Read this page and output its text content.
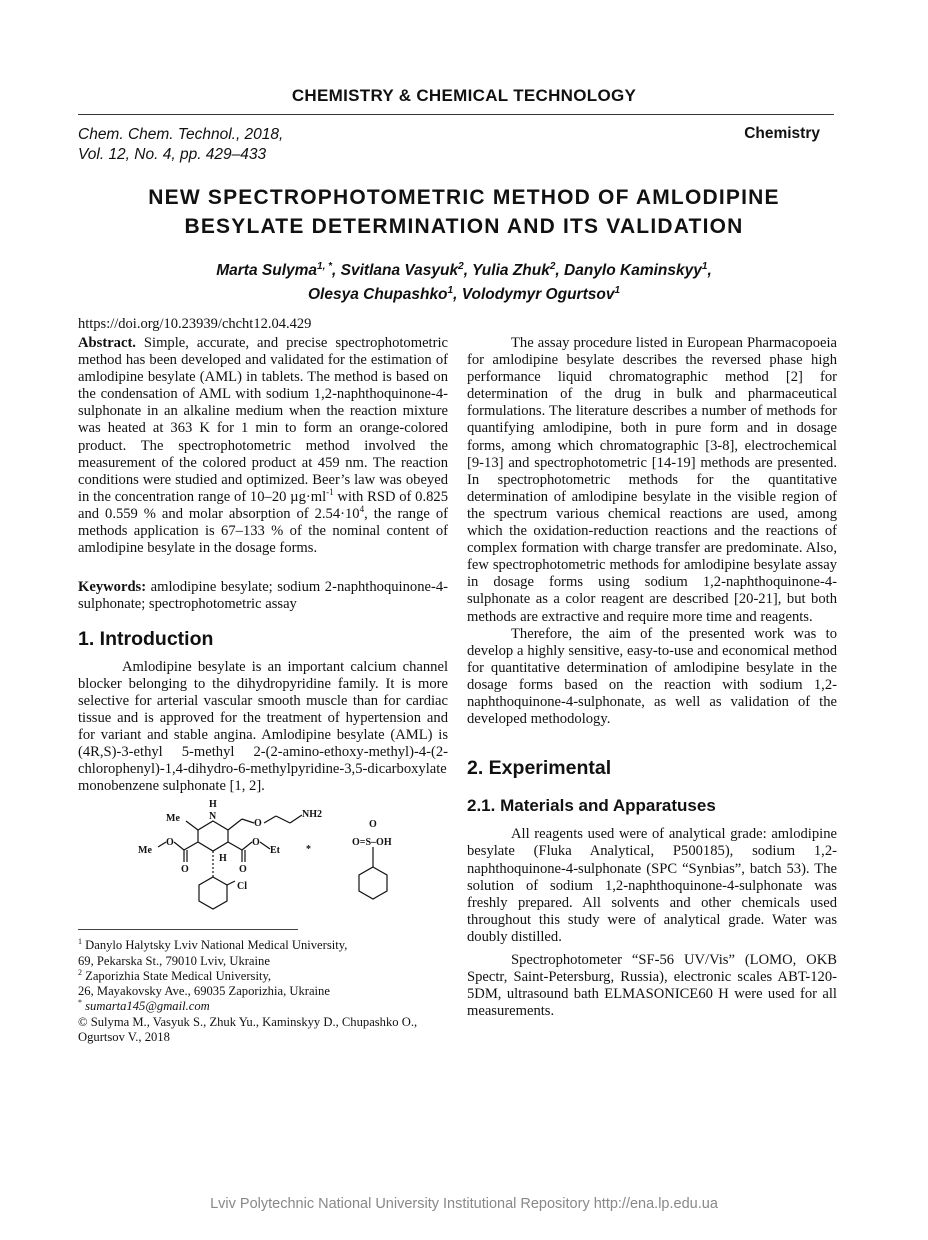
CHEMISTRY & CHEMICAL TECHNOLOGY
Chem. Chem. Technol., 2018,
Vol. 12, No. 4, pp. 429–433
Chemistry
NEW SPECTROPHOTOMETRIC METHOD OF AMLODIPINE
BESYLATE DETERMINATION AND ITS VALIDATION
Marta Sulyma$^{1, *}$, Svitlana Vasyuk$^2$, Yulia Zhuk$^2$, Danylo Kaminskyy$^1$,
Olesya Chupashko$^1$, Volodymyr Ogurtsov$^1$
https://doi.org/10.23939/chcht12.04.429

Abstract. Simple, accurate, and precise spectrophotometric method has been developed and validated for the estimation of amlodipine besylate (AML) in tablets. The method is based on the condensation of AML with sodium 1,2-naphthoquinone-4-sulphonate in an alkaline medium when the reaction mixture was heated at 363 K for 1 min to form an orange-colored product. The spectrophotometric method involved the measurement of the colored product at 459 nm. The reaction conditions were studied and optimized. Beer’s law was obeyed in the concentration range of 10–20 $\mu g\cdot ml^{-1}$ with RSD of 0.825 and 0.559 % and molar absorption of $2.54\cdot 10^4$, the range of methods application is 67–133 % of the nominal content of amlodipine besylate in the dosage forms.

Keywords: amlodipine besylate; sodium 2-naphthoquinone-4-sulphonate; spectrophotometric assay

1. Introduction

Amlodipine besylate is an important calcium channel blocker belonging to the dihydropyridine family. It is more selective for arterial vascular smooth muscle than for cardiac tissue and is approved for the treatment of hypertension and for variant and stable angina. Amlodipine besylate (AML) is (4R,S)-3-ethyl 5-methyl 2-(2-amino-ethoxy-methyl)-4-(2-chlorophenyl)-1,4-dihydro-6-methylpyridine-3,5-dicarboxylate monobenzene sulphonate [1, 2].

Me
H
N
O
NH2
Me
O
O
O
Et
H
O
Cl
*
O
O=S–OH
$^1$ Danylo Halytsky Lviv National Medical University,
69, Pekarska St., 79010 Lviv, Ukraine
$^2$ Zaporizhia State Medical University,
26, Mayakovsky Ave., 69035 Zaporizhia, Ukraine
* sumarta145@gmail.com
© Sulyma M., Vasyuk S., Zhuk Yu., Kaminskyy D., Chupashko O., Ogurtsov V., 2018

The assay procedure listed in European Pharmacopoeia for amlodipine besylate describes the reversed phase high performance liquid chromatographic method [2] for determination of the drug in bulk and pharmaceutical formulations. The literature describes a number of methods for quantifying amlodipine, both in pure form and in dosage forms, among which chromatographic [3-8], electrochemical [9-13] and spectrophotometric [14-19] methods are presented. In spectrophotometric methods for the quantitative determination of amlodipine besylate in the visible region of the spectrum various chemical reactions are used, among which the oxidation-reduction reactions and the reactions of complex formation with charge transfer are predominate. Also, few spectrophotometric methods for amlodipine besylate assay in dosage forms using sodium 1,2-naphthoquinone-4-sulphonate as a color reagent are described [20-21], but both methods are extractive and require more time and reagents.

Therefore, the aim of the presented work was to develop a highly sensitive, easy-to-use and economical method for quantitative determination of amlodipine besylate in the dosage forms based on the reaction with sodium 1,2-naphthoquinone-4-sulphonate, as well as validation of the developed methodology.

2. Experimental
2.1. Materials and Apparatuses

All reagents used were of analytical grade: amlodipine besylate (Fluka Analytical, P500185), sodium 1,2-naphthoquinone-4-sulphonate (SPC “Synbias”, batch 53). The solution of sodium 1,2-naphthoquinone-4-sulphonate was freshly prepared. All solvents and other chemicals used throughout this study were of analytical grade. Water was doubly distilled.

Spectrophotometer “SF-56 UV/Vis” (LOMO, OKB Spectr, Saint-Petersburg, Russia), electronic scales ABT-120-5DM, ultrasound bath ELMASONICE60 H were used for all measurements.

Lviv Polytechnic National University Institutional Repository http://ena.lp.edu.ua
